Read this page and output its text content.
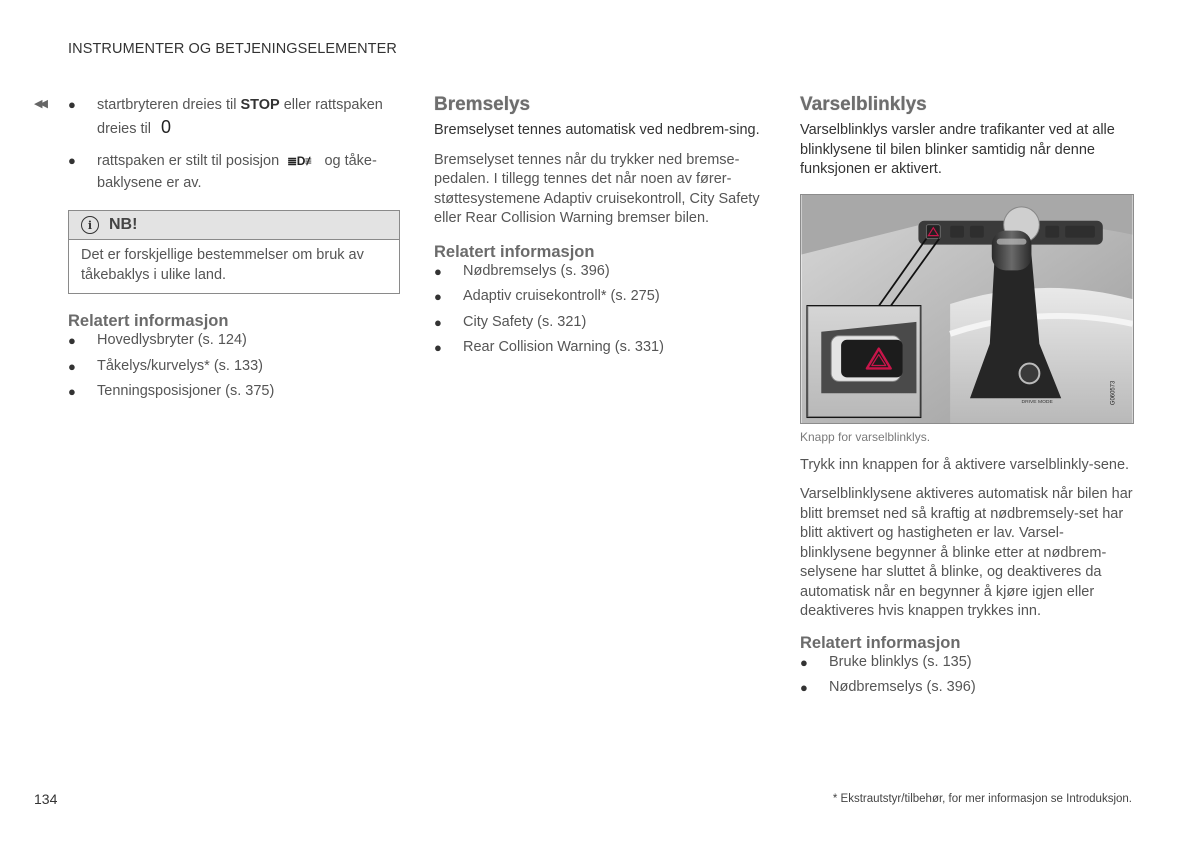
INSTRUMENTER OG BETJENINGSELEMENTER
◀◀ ● startbryteren dreies til STOP eller rattspaken dreies til 0
● rattspaken er stilt til posisjon ≣D≢ og tåke-baklysene er av.
i	NB!
Det er forskjellige bestemmelser om bruk av tåkebaklys i ulike land.
Relatert informasjon
● Hovedlysbryter (s. 124)
● Tåkelys/kurvelys* (s. 133)
● Tenningsposisjoner (s. 375)
Bremselys

Bremselyset tennes automatisk ved nedbrem-sing.

Bremselyset tennes når du trykker ned bremse-pedalen. I tillegg tennes det når noen av fører-støttesystemene Adaptiv cruisekontroll, City Safety eller Rear Collision Warning bremser bilen.

Relatert informasjon
● Nødbremselys (s. 396)
● Adaptiv cruisekontroll* (s. 275)
● City Safety (s. 321)
● Rear Collision Warning (s. 331)
Varselblinklys

Varselblinklys varsler andre trafikanter ved at alle blinklysene til bilen blinker samtidig når denne funksjonen er aktivert.

DRIVE MODE	G060573
Knapp for varselblinklys.

Trykk inn knappen for å aktivere varselblinkly-sene.

Varselblinklysene aktiveres automatisk når bilen har blitt bremset ned så kraftig at nødbremsely-set har blitt aktivert og hastigheten er lav. Varsel-blinklysene begynner å blinke etter at nødbrem-selysene har sluttet å blinke, og deaktiveres da automatisk når en begynner å kjøre igjen eller deaktiveres hvis knappen trykkes inn.

Relatert informasjon
● Bruke blinklys (s. 135)
● Nødbremselys (s. 396)
134	* Ekstrautstyr/tilbehør, for mer informasjon se Introduksjon.
